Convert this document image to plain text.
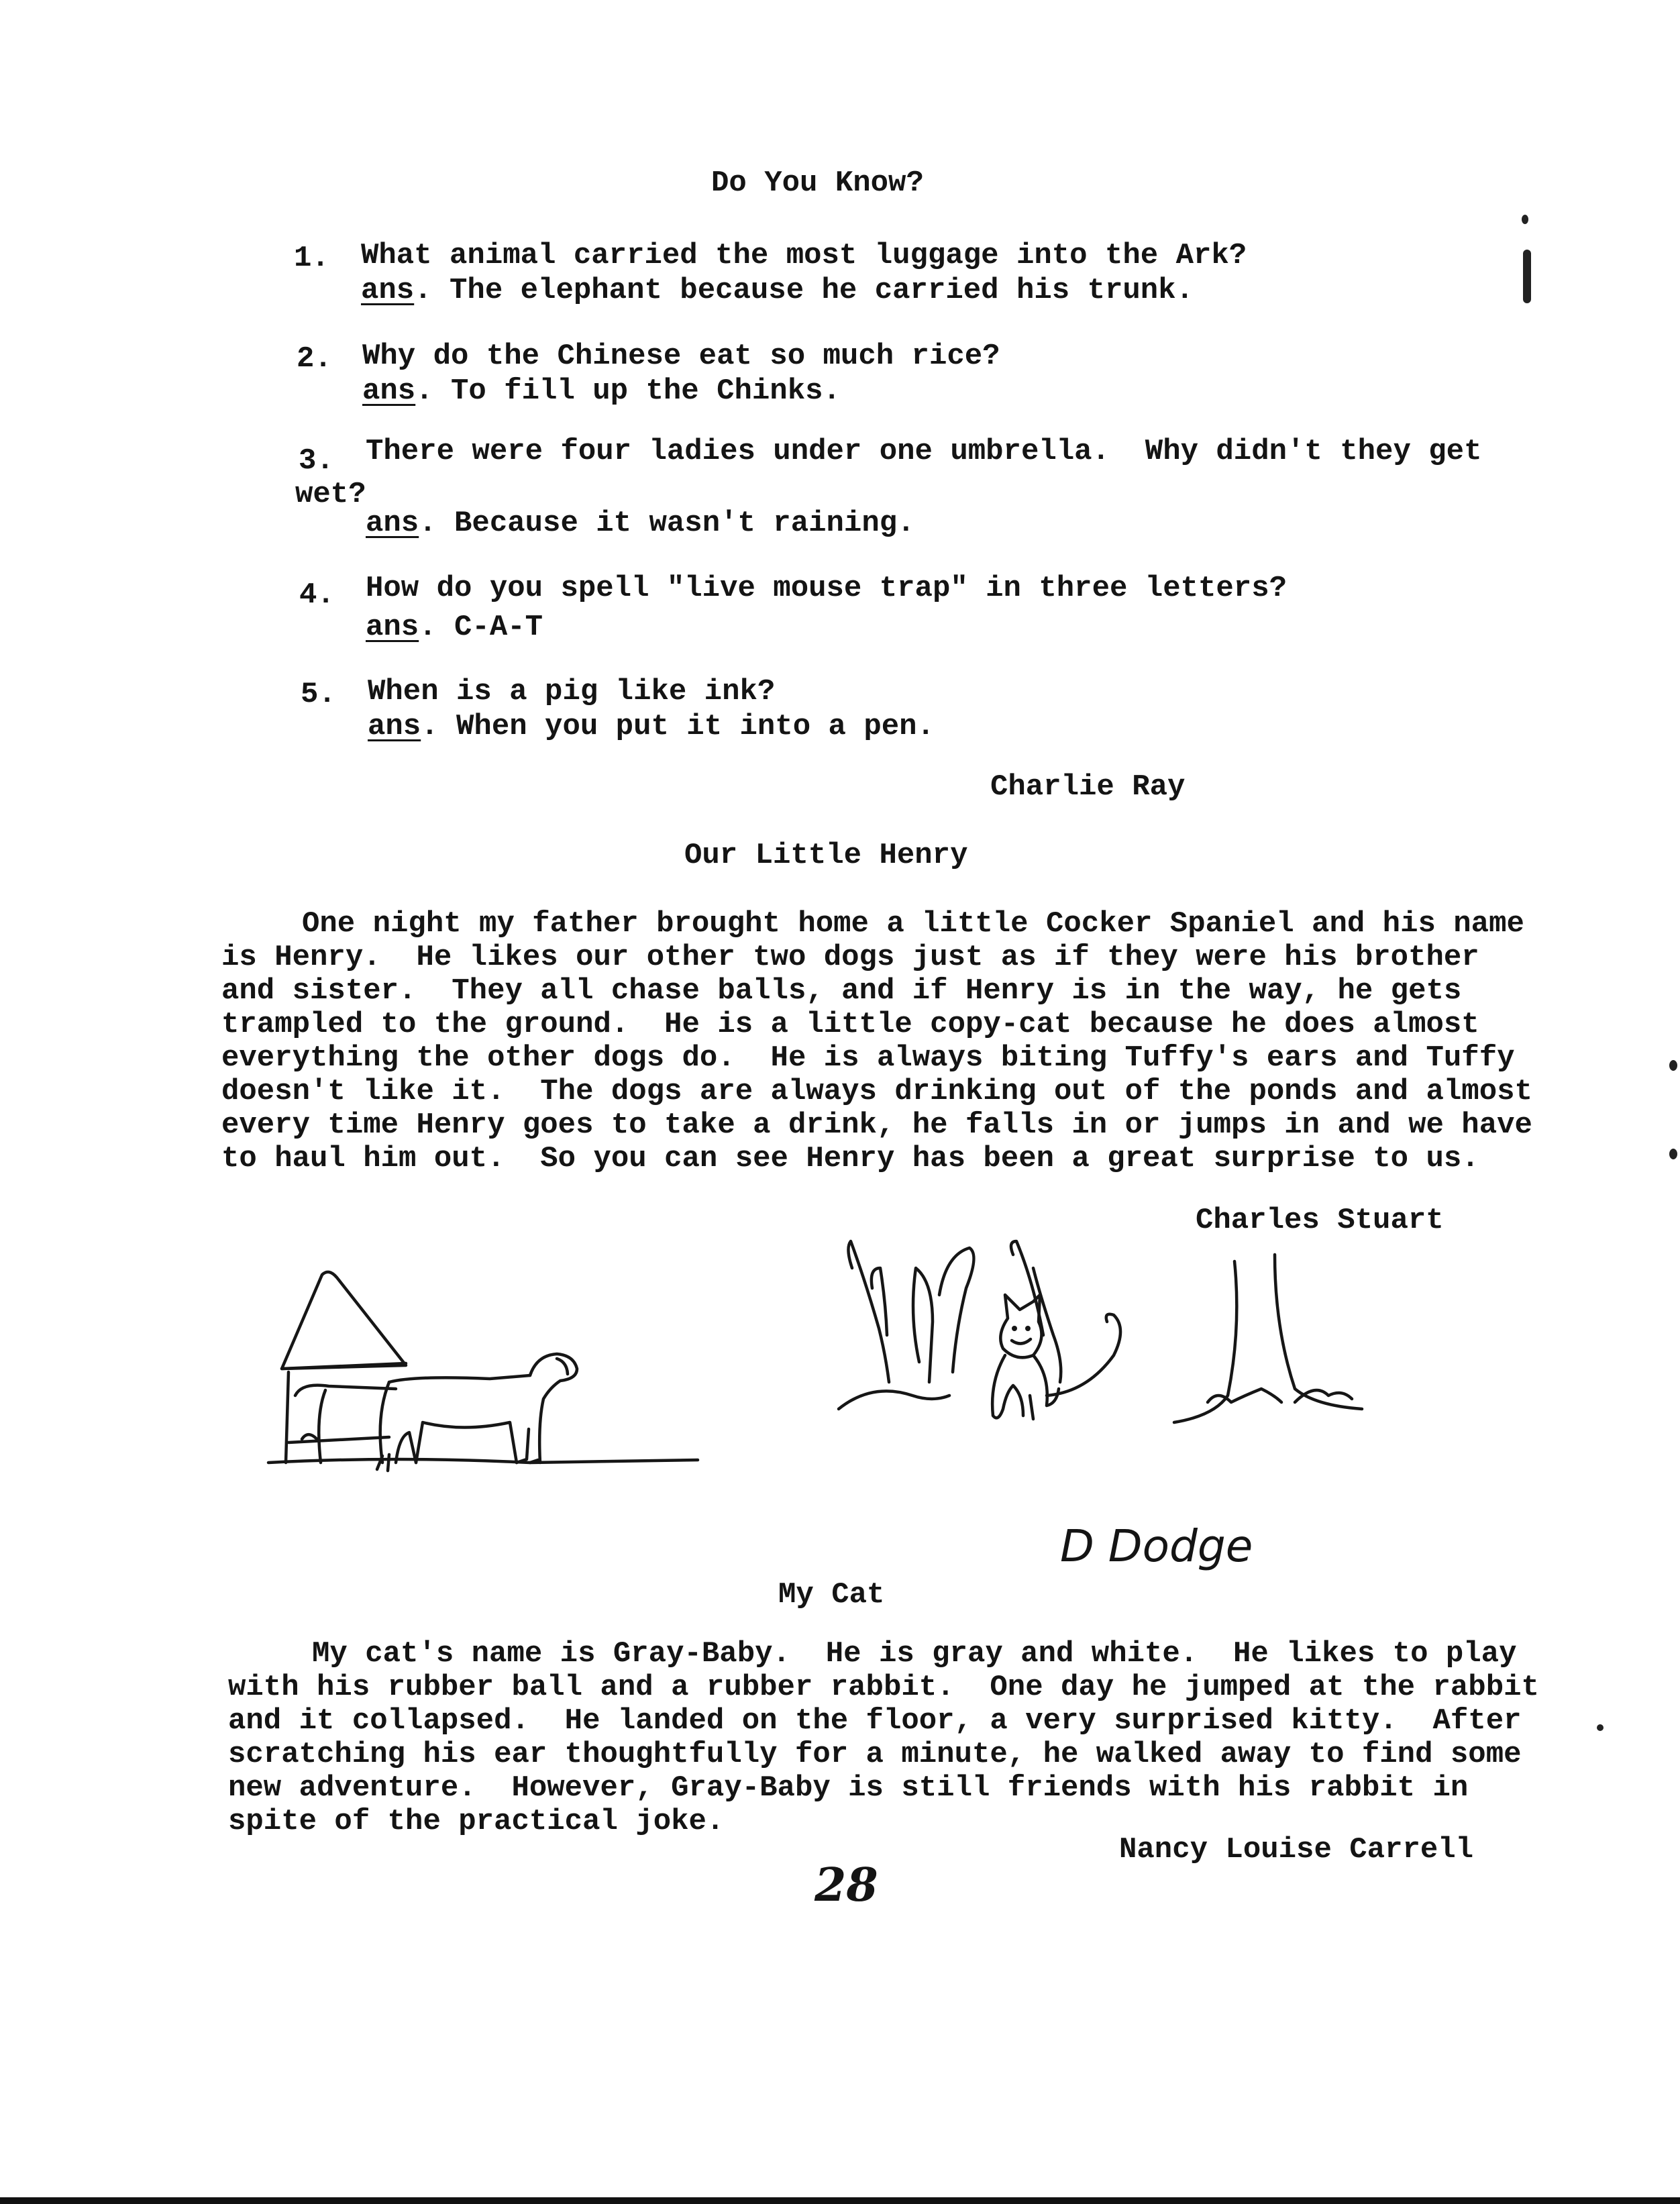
Do You Know?
1. What animal carried the most luggage into the Ark?
ans. The elephant because he carried his trunk.
2. Why do the Chinese eat so much rice?
ans. To fill up the Chinks.
3. There were four ladies under one umbrella.  Why didn't they get
wet?
ans. Because it wasn't raining.
4. How do you spell "live mouse trap" in three letters?
ans. C-A-T
5. When is a pig like ink?
ans. When you put it into a pen.
Charlie Ray
Our Little Henry
One night my father brought home a little Cocker Spaniel and his name
is Henry.  He likes our other two dogs just as if they were his brother
and sister.  They all chase balls, and if Henry is in the way, he gets
trampled to the ground.  He is a little copy-cat because he does almost
everything the other dogs do.  He is always biting Tuffy's ears and Tuffy
doesn't like it.  The dogs are always drinking out of the ponds and almost
every time Henry goes to take a drink, he falls in or jumps in and we have
to haul him out.  So you can see Henry has been a great surprise to us.
Charles Stuart
D Dodge
My Cat
My cat's name is Gray-Baby.  He is gray and white.  He likes to play
with his rubber ball and a rubber rabbit.  One day he jumped at the rabbit
and it collapsed.  He landed on the floor, a very surprised kitty.  After
scratching his ear thoughtfully for a minute, he walked away to find some
new adventure.  However, Gray-Baby is still friends with his rabbit in
spite of the practical joke.
Nancy Louise Carrell
28
